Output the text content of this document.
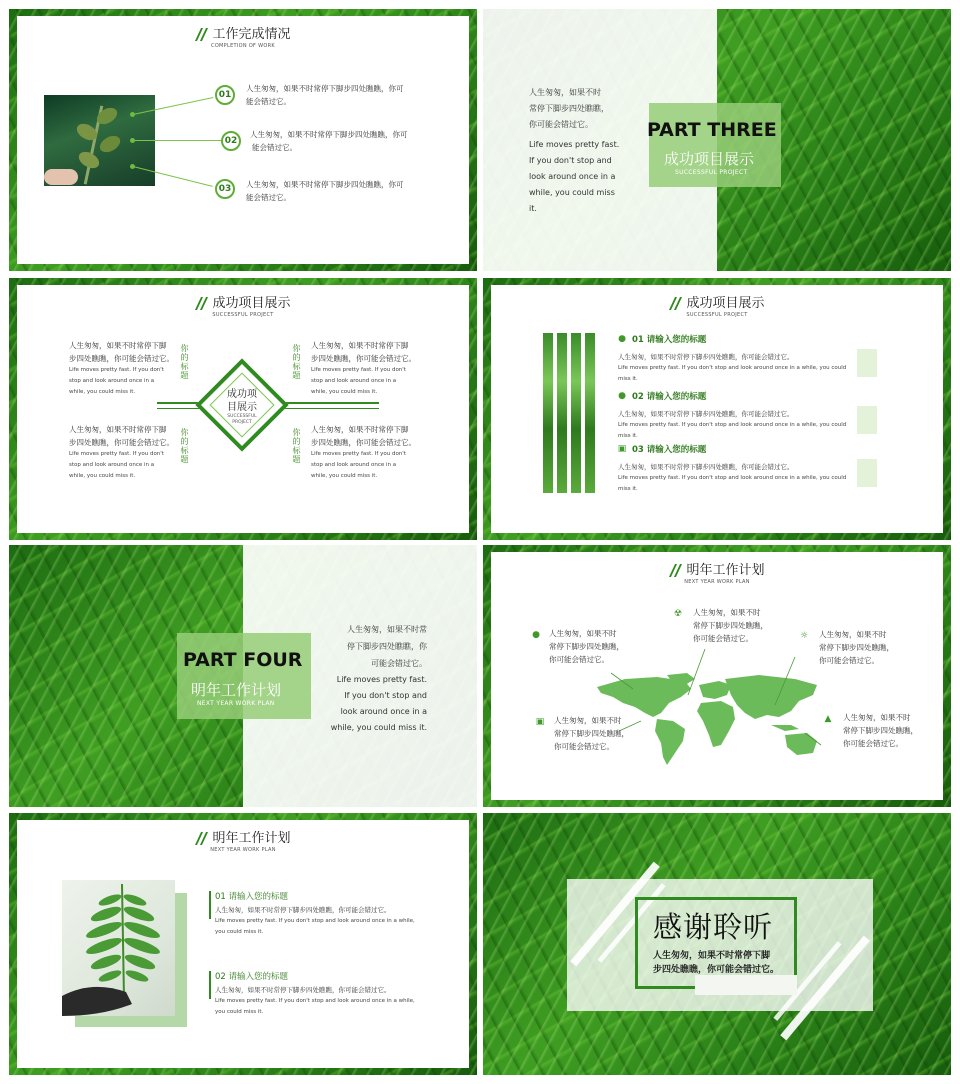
工作完成情况
COMPLETION OF WORK
01
人生匆匆，如果不时常停下脚步四处瞧瞧，你可
能会错过它。
02
人生匆匆，如果不时常停下脚步四处瞧瞧，你可
能会错过它。
03	人生匆匆，如果不时常停下脚步四处瞧瞧，你可
能会错过它。
人生匆匆，如果不时
常停下脚步四处瞧瞧，
你可能会错过它。
Life moves pretty fast.
If you don't stop and
look around once in a
while, you could miss
it.
PART THREE
成功项目展示
SUCCESSFUL PROJECT
成功项目展示
SUCCESSFUL PROJECT
人生匆匆，如果不时常停下脚
步四处瞧瞧，你可能会错过它。
Life moves pretty fast. If you don't
stop and look around once in a
while, you could miss it.
人生匆匆，如果不时常停下脚
步四处瞧瞧，你可能会错过它。
Life moves pretty fast. If you don't
stop and look around once in a
while, you could miss it.
人生匆匆，如果不时常停下脚
步四处瞧瞧，你可能会错过它。
Life moves pretty fast. If you don't
stop and look around once in a
while, you could miss it.
人生匆匆，如果不时常停下脚
步四处瞧瞧，你可能会错过它。
Life moves pretty fast. If you don't
stop and look around once in a
while, you could miss it.
你的标题
你的标题
你的标题
你的标题
成功项
目展示
SUCCESSFUL
PROJECT
成功项目展示
SUCCESSFUL PROJECT
● 01 请输入您的标题
人生匆匆，如果不时常停下脚步四处瞧瞧，你可能会错过它。
Life moves pretty fast. If you don't stop and look around once in a while, you could
miss it.
● 02 请输入您的标题
人生匆匆，如果不时常停下脚步四处瞧瞧，你可能会错过它。
Life moves pretty fast. If you don't stop and look around once in a while, you could
miss it.
▣ 03 请输入您的标题
人生匆匆，如果不时常停下脚步四处瞧瞧，你可能会错过它。
Life moves pretty fast. If you don't stop and look around once in a while, you could
miss it.
PART FOUR
明年工作计划
NEXT YEAR WORK PLAN
人生匆匆，如果不时常
停下脚步四处瞧瞧，你
可能会错过它。
Life moves pretty fast.
If you don't stop and
look around once in a
while, you could miss it.
明年工作计划
NEXT YEAR WORK PLAN
☢ 人生匆匆，如果不时
常停下脚步四处瞧瞧，
你可能会错过它。
● 人生匆匆，如果不时
常停下脚步四处瞧瞧，
你可能会错过它。
☼ 人生匆匆，如果不时
常停下脚步四处瞧瞧，
你可能会错过它。
▣ 人生匆匆，如果不时
常停下脚步四处瞧瞧，
你可能会错过它。
▲ 人生匆匆，如果不时
常停下脚步四处瞧瞧，
你可能会错过它。
明年工作计划
NEXT YEAR WORK PLAN
01 请输入您的标题
人生匆匆，如果不时常停下脚步四处瞧瞧，你可能会错过它。
Life moves pretty fast. If you don't stop and look around once in a while,
you could miss it.
02 请输入您的标题
人生匆匆，如果不时常停下脚步四处瞧瞧，你可能会错过它。
Life moves pretty fast. If you don't stop and look around once in a while,
you could miss it.
感谢聆听
人生匆匆，如果不时常停下脚
步四处瞧瞧，你可能会错过它。
